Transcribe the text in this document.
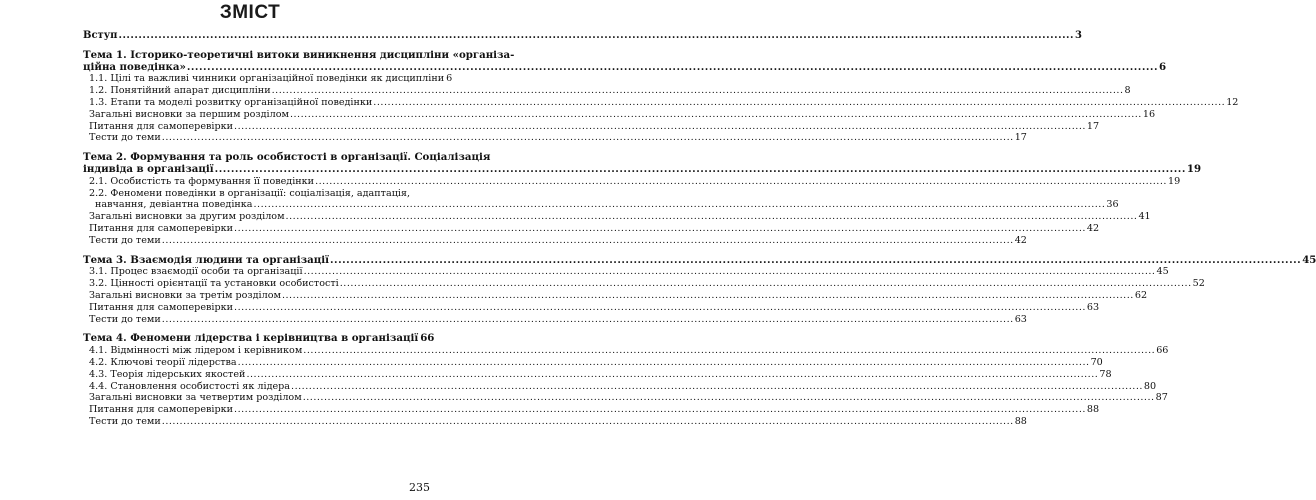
ЗМІСТ
Вступ .....	3
Тема 1. Історико-теоретичні витоки виникнення дисципліни «організа-
ційна поведінка» .....	6
1.1. Цілі та важливі чинники організаційної поведінки як дисципліни 6
1.2. Понятійний апарат дисципліни .....	8
1.3. Етапи та моделі розвитку організаційної поведінки .....	12
Загальні висновки за першим розділом .....	16
Питання для самоперевірки .....	17
Тести до теми .....	17
Тема 2. Формування та роль особистості в організації. Соціалізація
індивіда в організації .....	19
2.1. Особистість та формування її поведінки .....	19
2.2. Феномени поведінки в організації: соціалізація, адаптація,
навчання, девіантна поведінка .....	36
Загальні висновки за другим розділом .....	41
Питання для самоперевірки .....	42
Тести до теми .....	42
Тема 3. Взаємодія людини та організації .....	45
3.1. Процес взаємодії особи та організації .....	45
3.2. Цінності орієнтації та установки особистості .....	52
Загальні висновки за третім розділом .....	62
Питання для самоперевірки .....	63
Тести до теми .....	63
Тема 4. Феномени лідерства і керівництва в організації 66
4.1. Відмінності між лідером і керівником .....	66
4.2. Ключові теорії лідерства .....	70
4.3. Теорія лідерських якостей .....	78
4.4. Становлення особистості як лідера .....	80
Загальні висновки за четвертим розділом .....	87
Питання для самоперевірки .....	88
Тести до теми .....	88
235
